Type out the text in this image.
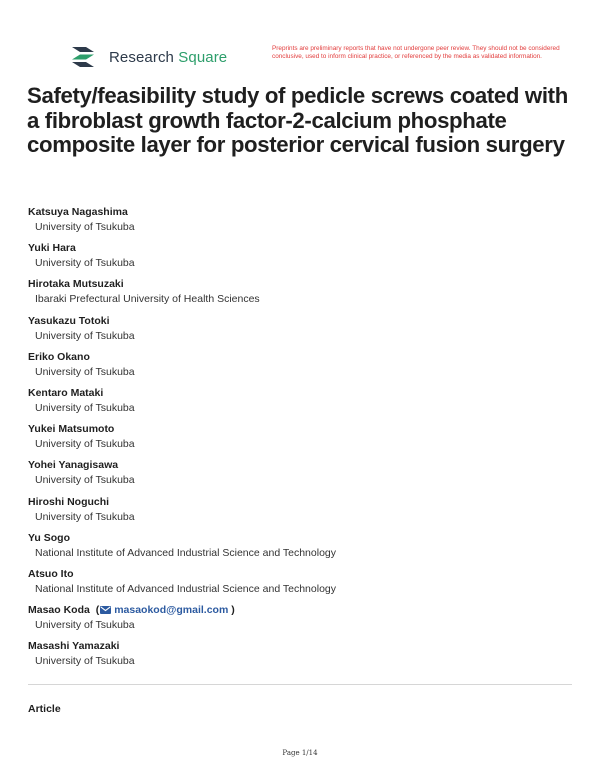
Research Square	Preprints are preliminary reports that have not undergone peer review. They should not be considered conclusive, used to inform clinical practice, or referenced by the media as validated information.
Safety/feasibility study of pedicle screws coated with a fibroblast growth factor-2-calcium phosphate composite layer for posterior cervical fusion surgery
Katsuya Nagashima
University of Tsukuba
Yuki Hara
University of Tsukuba
Hirotaka Mutsuzaki
Ibaraki Prefectural University of Health Sciences
Yasukazu Totoki
University of Tsukuba
Eriko Okano
University of Tsukuba
Kentaro Mataki
University of Tsukuba
Yukei Matsumoto
University of Tsukuba
Yohei Yanagisawa
University of Tsukuba
Hiroshi Noguchi
University of Tsukuba
Yu Sogo
National Institute of Advanced Industrial Science and Technology
Atsuo Ito
National Institute of Advanced Industrial Science and Technology
Masao Koda ( masaokod@gmail.com )
University of Tsukuba
Masashi Yamazaki
University of Tsukuba
Article
Page 1/14
